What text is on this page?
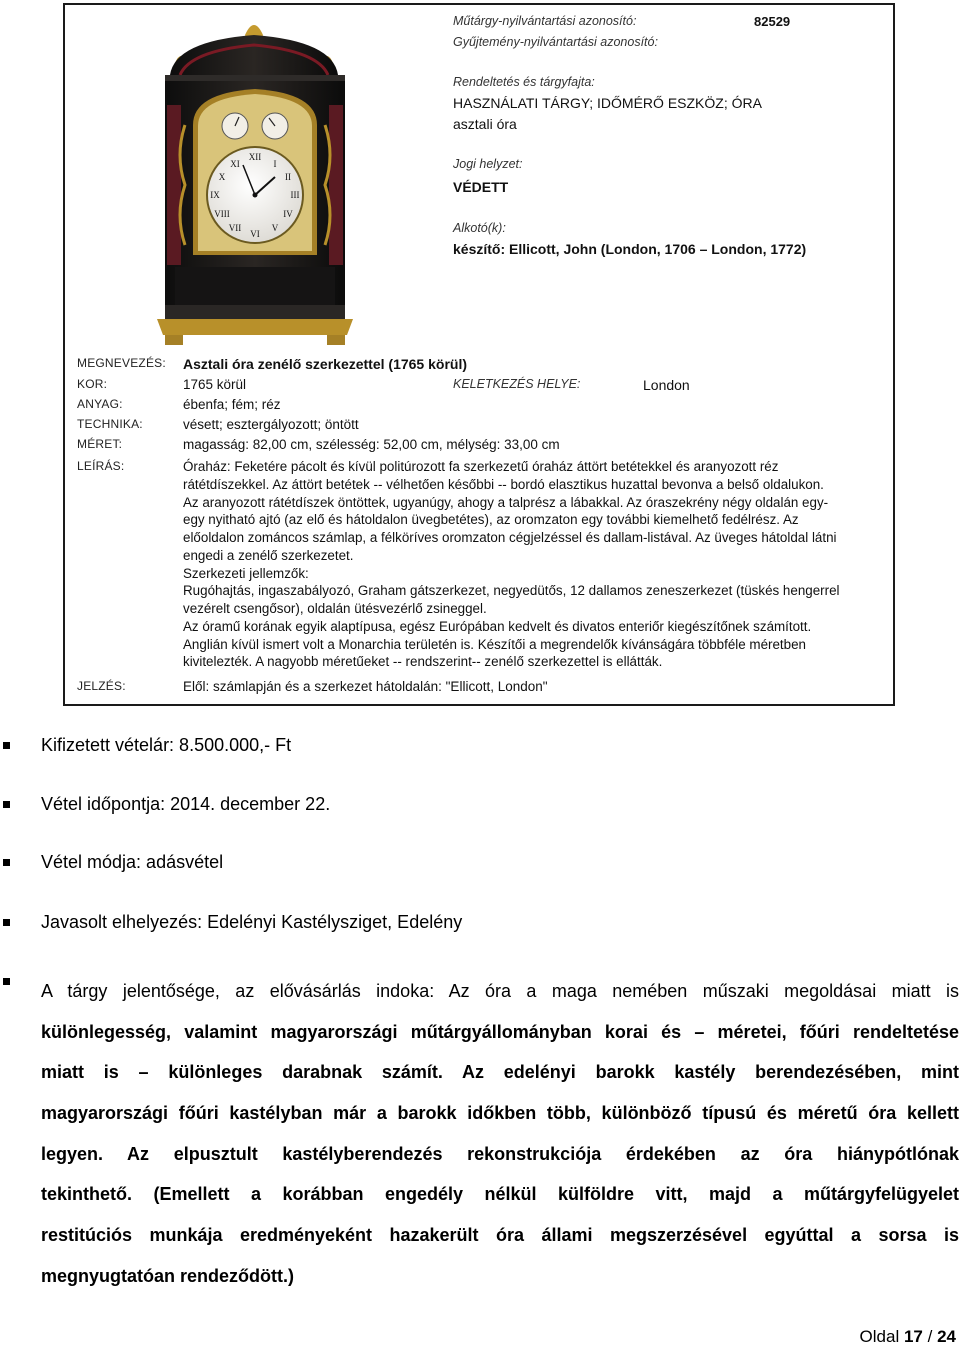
XII
VI
IX	III
XI	I
X	II
VIII	IV
VII	V
Műtárgy-nyilvántartási azonosító:	82529
Gyűjtemény-nyilvántartási azonosító:
Rendeltetés és tárgyfajta:
HASZNÁLATI TÁRGY; IDŐMÉRŐ ESZKÖZ; ÓRA
asztali óra
Jogi helyzet:
VÉDETT
Alkotó(k):
készítő: Ellicott, John (London, 1706 – London, 1772)
MEGNEVEZÉS: Asztali óra zenélő szerkezettel (1765 körül)
KOR:	1765 körül	KELETKEZÉS HELYE:	London
ANYAG:	ébenfa; fém; réz
TECHNIKA:	vésett; esztergályozott; öntött
MÉRET:	magasság: 82,00 cm, szélesség: 52,00 cm, mélység: 33,00 cm
LEÍRÁS:	Óraház: Feketére pácolt és kívül politúrozott fa szerkezetű óraház áttört betétekkel és aranyozott réz
rátétdíszekkel. Az áttört betétek -- vélhetően későbbi -- bordó elasztikus huzattal bevonva a belső oldalukon.
Az aranyozott rátétdíszek öntöttek, ugyanúgy, ahogy a talprész a lábakkal. Az óraszekrény négy oldalán egy-
egy nyitható ajtó (az elő és hátoldalon üvegbetétes), az oromzaton egy további kiemelhető fedélrész. Az
előoldalon zománcos számlap, a félköríves oromzaton cégjelzéssel és dallam-listával. Az üveges hátoldal látni
engedi a zenélő szerkezetet.
Szerkezeti jellemzők:
Rugóhajtás, ingaszabályozó, Graham gátszerkezet, negyedütős, 12 dallamos zeneszerkezet (tüskés hengerrel
vezérelt csengősor), oldalán ütésvezérlő zsineggel.
Az óramű korának egyik alaptípusa, egész Európában kedvelt és divatos enteriőr kiegészítőnek számított.
Anglián kívül ismert volt a Monarchia területén is. Készítői a megrendelők kívánságára többféle méretben
kivitelezték. A nagyobb méretűeket -- rendszerint-- zenélő szerkezettel is ellátták.
JELZÉS:	Elől: számlapján és a szerkezet hátoldalán: "Ellicott, London"
Kifizetett vételár: 8.500.000,- Ft
Vétel időpontja: 2014. december 22.
Vétel módja: adásvétel
Javasolt elhelyezés: Edelényi Kastélysziget, Edelény
A tárgy jelentősége, az elővásárlás indoka: Az óra a maga nemében műszaki megoldásai miatt is
különlegesség, valamint magyarországi műtárgyállományban korai és – méretei, főúri rendeltetése
miatt is – különleges darabnak számít. Az edelényi barokk kastély berendezésében, mint
magyarországi főúri kastélyban már a barokk időkben több, különböző típusú és méretű óra kellett
legyen. Az elpusztult kastélyberendezés rekonstrukciója érdekében az óra hiánypótlónak
tekinthető. (Emellett a korábban engedély nélkül külföldre vitt, majd a műtárgyfelügyelet
restitúciós munkája eredményeként hazakerült óra állami megszerzésével egyúttal a sorsa is
megnyugtatóan rendeződött.)
Oldal 17 / 24
